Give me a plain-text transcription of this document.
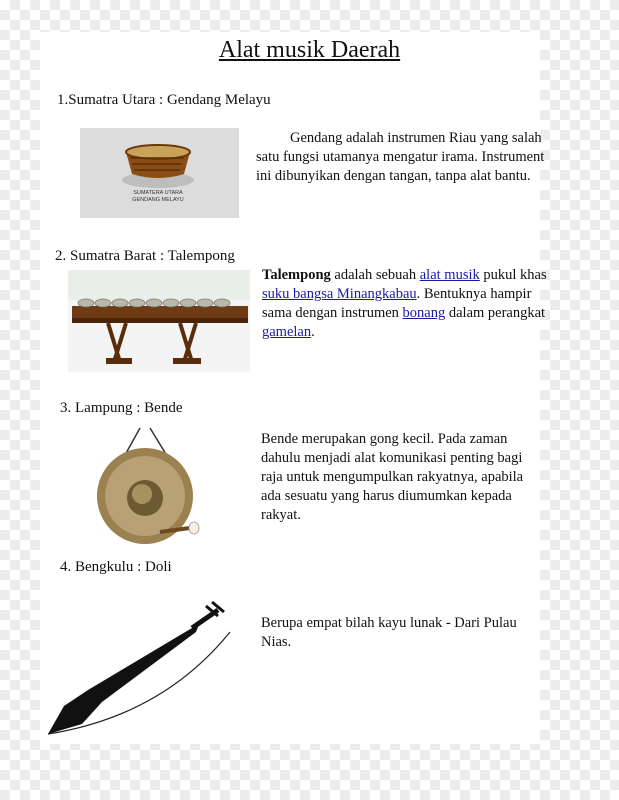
Alat musik Daerah
1.Sumatra Utara : Gendang Melayu
SUMATERA UTARA
GENDANG MELAYU
Gendang adalah instrumen Riau yang salah satu fungsi utamanya mengatur irama. Instrument ini dibunyikan dengan tangan, tanpa alat bantu.
2. Sumatra Barat : Talempong
Talempong adalah sebuah alat musik pukul khas suku bangsa Minangkabau. Bentuknya hampir sama dengan instrumen bonang dalam perangkat gamelan.
3. Lampung : Bende
Bende merupakan gong kecil. Pada zaman dahulu menjadi alat komunikasi penting bagi raja untuk mengumpulkan rakyatnya, apabila ada sesuatu yang harus diumumkan kepada rakyat.
4. Bengkulu : Doli
Berupa empat bilah kayu lunak - Dari Pulau Nias.
